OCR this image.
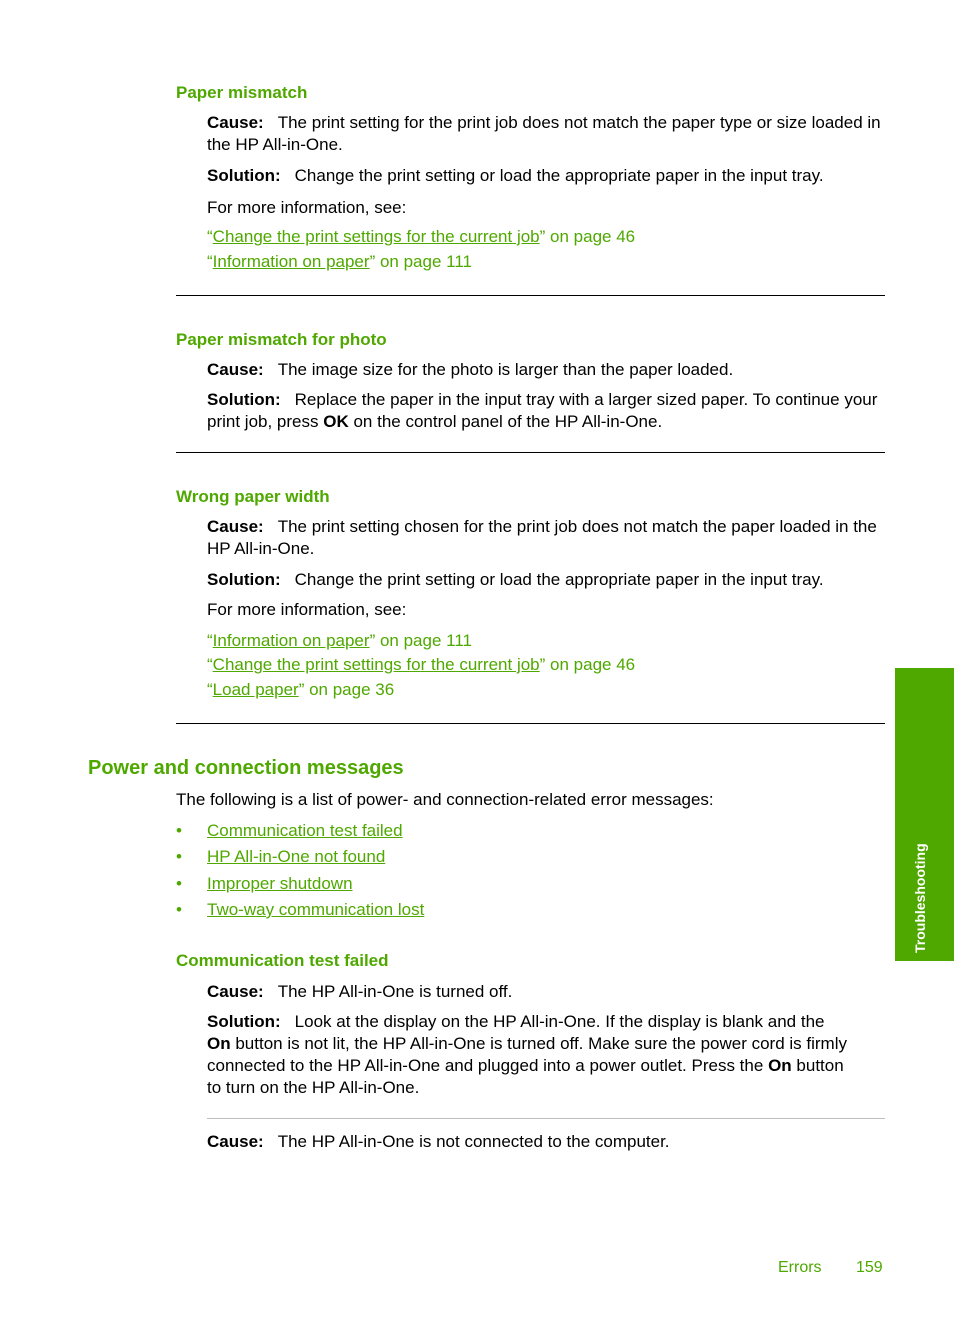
Paper mismatch
Cause: The print setting for the print job does not match the paper type or size loaded in the HP All-in-One.
Solution: Change the print setting or load the appropriate paper in the input tray.
For more information, see:
“Change the print settings for the current job” on page 46
“Information on paper” on page 111
Paper mismatch for photo
Cause: The image size for the photo is larger than the paper loaded.
Solution: Replace the paper in the input tray with a larger sized paper. To continue your print job, press OK on the control panel of the HP All-in-One.
Wrong paper width
Cause: The print setting chosen for the print job does not match the paper loaded in the HP All-in-One.
Solution: Change the print setting or load the appropriate paper in the input tray.
For more information, see:
“Information on paper” on page 111
“Change the print settings for the current job” on page 46
“Load paper” on page 36
Power and connection messages
The following is a list of power- and connection-related error messages:
• Communication test failed
• HP All-in-One not found
• Improper shutdown
• Two-way communication lost
Communication test failed
Cause: The HP All-in-One is turned off.
Solution: Look at the display on the HP All-in-One. If the display is blank and the
On button is not lit, the HP All-in-One is turned off. Make sure the power cord is firmly
connected to the HP All-in-One and plugged into a power outlet. Press the On button
to turn on the HP All-in-One.
Cause: The HP All-in-One is not connected to the computer.
Troubleshooting
Errors 159
